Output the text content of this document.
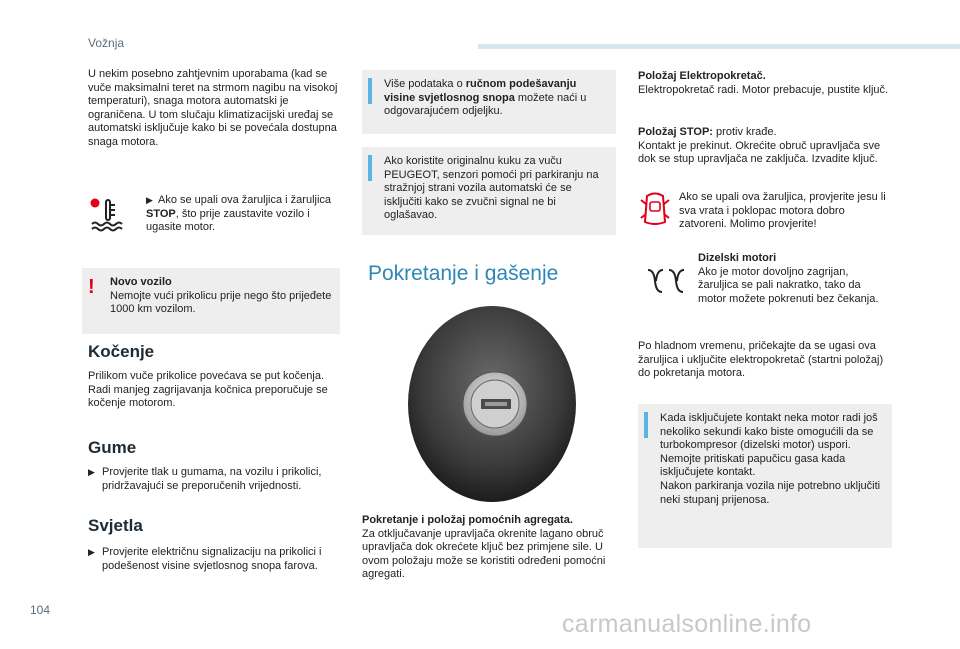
Vožnja
U nekim posebno zahtjevnim uporabama (kad se vuče maksimalni teret na strmom nagibu na visokoj temperaturi), snaga motora automatski je ograničena. U tom slučaju klimatizacijski uređaj se automatski isključuje kako bi se povećala dostupna snaga motora.
▶ Ako se upali ova žaruljica i žaruljica STOP, što prije zaustavite vozilo i ugasite motor.
! Novo vozilo
Nemojte vući prikolicu prije nego što prijeđete 1000 km vozilom.
Kočenje
Prilikom vuče prikolice povećava se put kočenja.
Radi manjeg zagrijavanja kočnica preporučuje se kočenje motorom.
Gume
▶ Provjerite tlak u gumama, na vozilu i prikolici, pridržavajući se preporučenih vrijednosti.
Svjetla
▶ Provjerite električnu signalizaciju na prikolici i podešenost visine svjetlosnog snopa farova.
Više podataka o ručnom podešavanju visine svjetlosnog snopa možete naći u odgovarajućem odjeljku.
Ako koristite originalnu kuku za vuču PEUGEOT, senzori pomoći pri parkiranju na stražnjoj strani vozila automatski će se isključiti kako se zvučni signal ne bi oglašavao.
Pokretanje i gašenje
Pokretanje i položaj pomoćnih agregata.
Za otključavanje upravljača okrenite lagano obruč upravljača dok okrećete ključ bez primjene sile. U ovom položaju može se koristiti određeni pomoćni agregati.
Položaj Elektropokretač.
Elektropokretač radi. Motor prebacuje, pustite ključ.
Položaj STOP: protiv krađe.
Kontakt je prekinut. Okrećite obruč upravljača sve dok se stup upravljača ne zaključa. Izvadite ključ.
Ako se upali ova žaruljica, provjerite jesu li sva vrata i poklopac motora dobro zatvoreni. Molimo provjerite!
Dizelski motori
Ako je motor dovoljno zagrijan, žaruljica se pali nakratko, tako da motor možete pokrenuti bez čekanja.
Po hladnom vremenu, pričekajte da se ugasi ova žaruljica i uključite elektropokretač (startni položaj) do pokretanja motora.
Kada isključujete kontakt neka motor radi još nekoliko sekundi kako biste omogućili da se turbokompresor (dizelski motor) uspori.
Nemojte pritiskati papučicu gasa kada isključujete kontakt.
Nakon parkiranja vozila nije potrebno uključiti neki stupanj prijenosa.
104	carmanualsonline.info
